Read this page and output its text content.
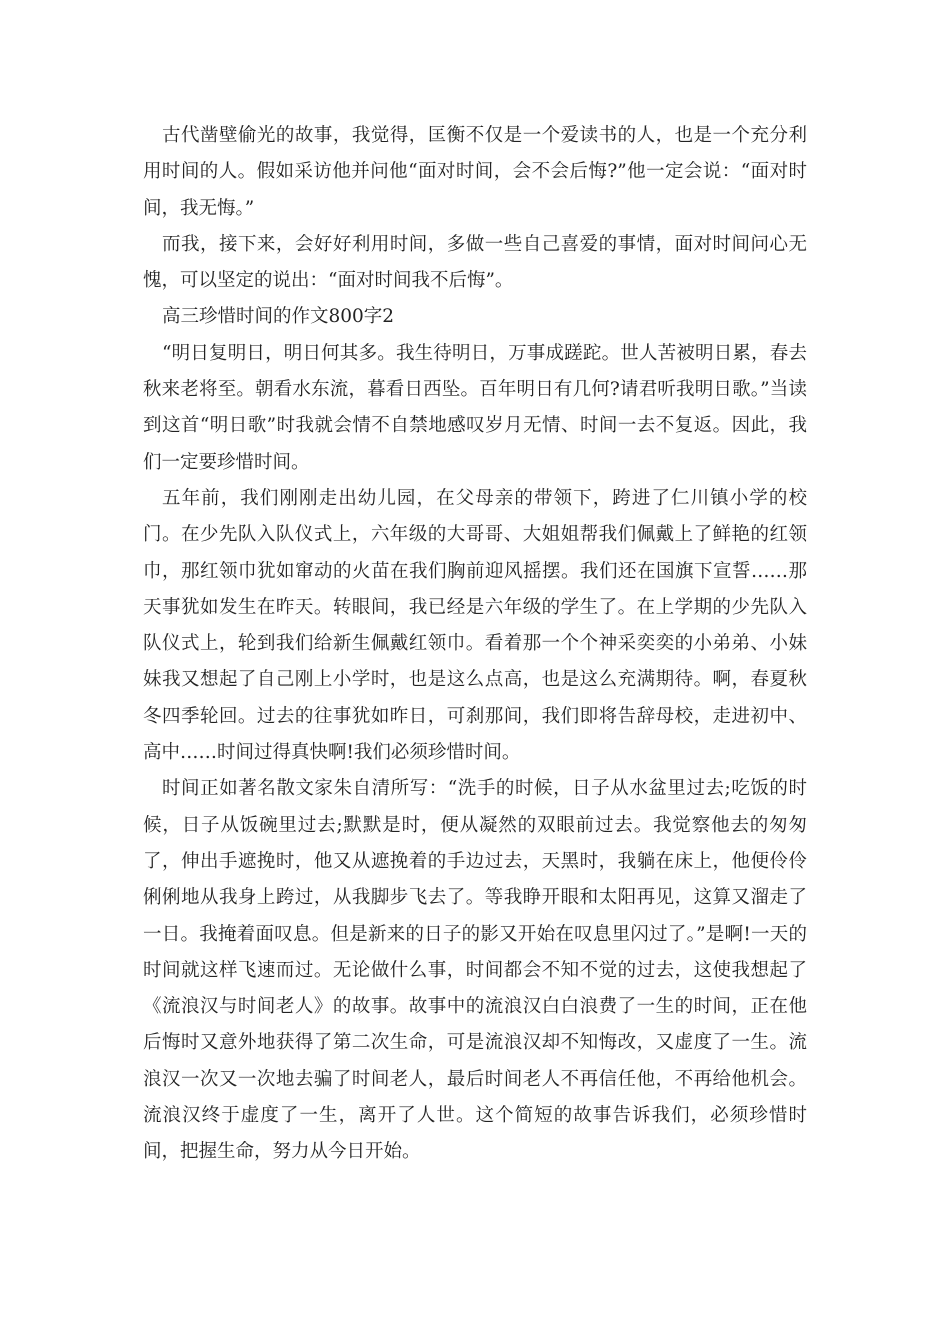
古代凿壁偷光的故事，我觉得，匡衡不仅是一个爱读书的人，也是一个充分利用时间的人。假如采访他并问他“面对时间，会不会后悔?”他一定会说：“面对时间，我无悔。”

而我，接下来，会好好利用时间，多做一些自己喜爱的事情，面对时间问心无愧，可以坚定的说出：“面对时间我不后悔”。

高三珍惜时间的作文800字2

“明日复明日，明日何其多。我生待明日，万事成蹉跎。世人苦被明日累，春去秋来老将至。朝看水东流，暮看日西坠。百年明日有几何?请君听我明日歌。”当读到这首“明日歌”时我就会情不自禁地感叹岁月无情、时间一去不复返。因此，我们一定要珍惜时间。

五年前，我们刚刚走出幼儿园，在父母亲的带领下，跨进了仁川镇小学的校门。在少先队入队仪式上，六年级的大哥哥、大姐姐帮我们佩戴上了鲜艳的红领巾，那红领巾犹如窜动的火苗在我们胸前迎风摇摆。我们还在国旗下宣誓……那天事犹如发生在昨天。转眼间，我已经是六年级的学生了。在上学期的少先队入队仪式上，轮到我们给新生佩戴红领巾。看着那一个个神采奕奕的小弟弟、小妹妹我又想起了自己刚上小学时，也是这么点高，也是这么充满期待。啊，春夏秋冬四季轮回。过去的往事犹如昨日，可刹那间，我们即将告辞母校，走进初中、高中……时间过得真快啊!我们必须珍惜时间。

时间正如著名散文家朱自清所写：“洗手的时候，日子从水盆里过去;吃饭的时候，日子从饭碗里过去;默默是时，便从凝然的双眼前过去。我觉察他去的匆匆了，伸出手遮挽时，他又从遮挽着的手边过去，天黑时，我躺在床上，他便伶伶俐俐地从我身上跨过，从我脚步飞去了。等我睁开眼和太阳再见，这算又溜走了一日。我掩着面叹息。但是新来的日子的影又开始在叹息里闪过了。”是啊!一天的时间就这样飞速而过。无论做什么事，时间都会不知不觉的过去，这使我想起了《流浪汉与时间老人》的故事。故事中的流浪汉白白浪费了一生的时间，正在他后悔时又意外地获得了第二次生命，可是流浪汉却不知悔改，又虚度了一生。流浪汉一次又一次地去骗了时间老人，最后时间老人不再信任他，不再给他机会。流浪汉终于虚度了一生，离开了人世。这个简短的故事告诉我们，必须珍惜时间，把握生命，努力从今日开始。
